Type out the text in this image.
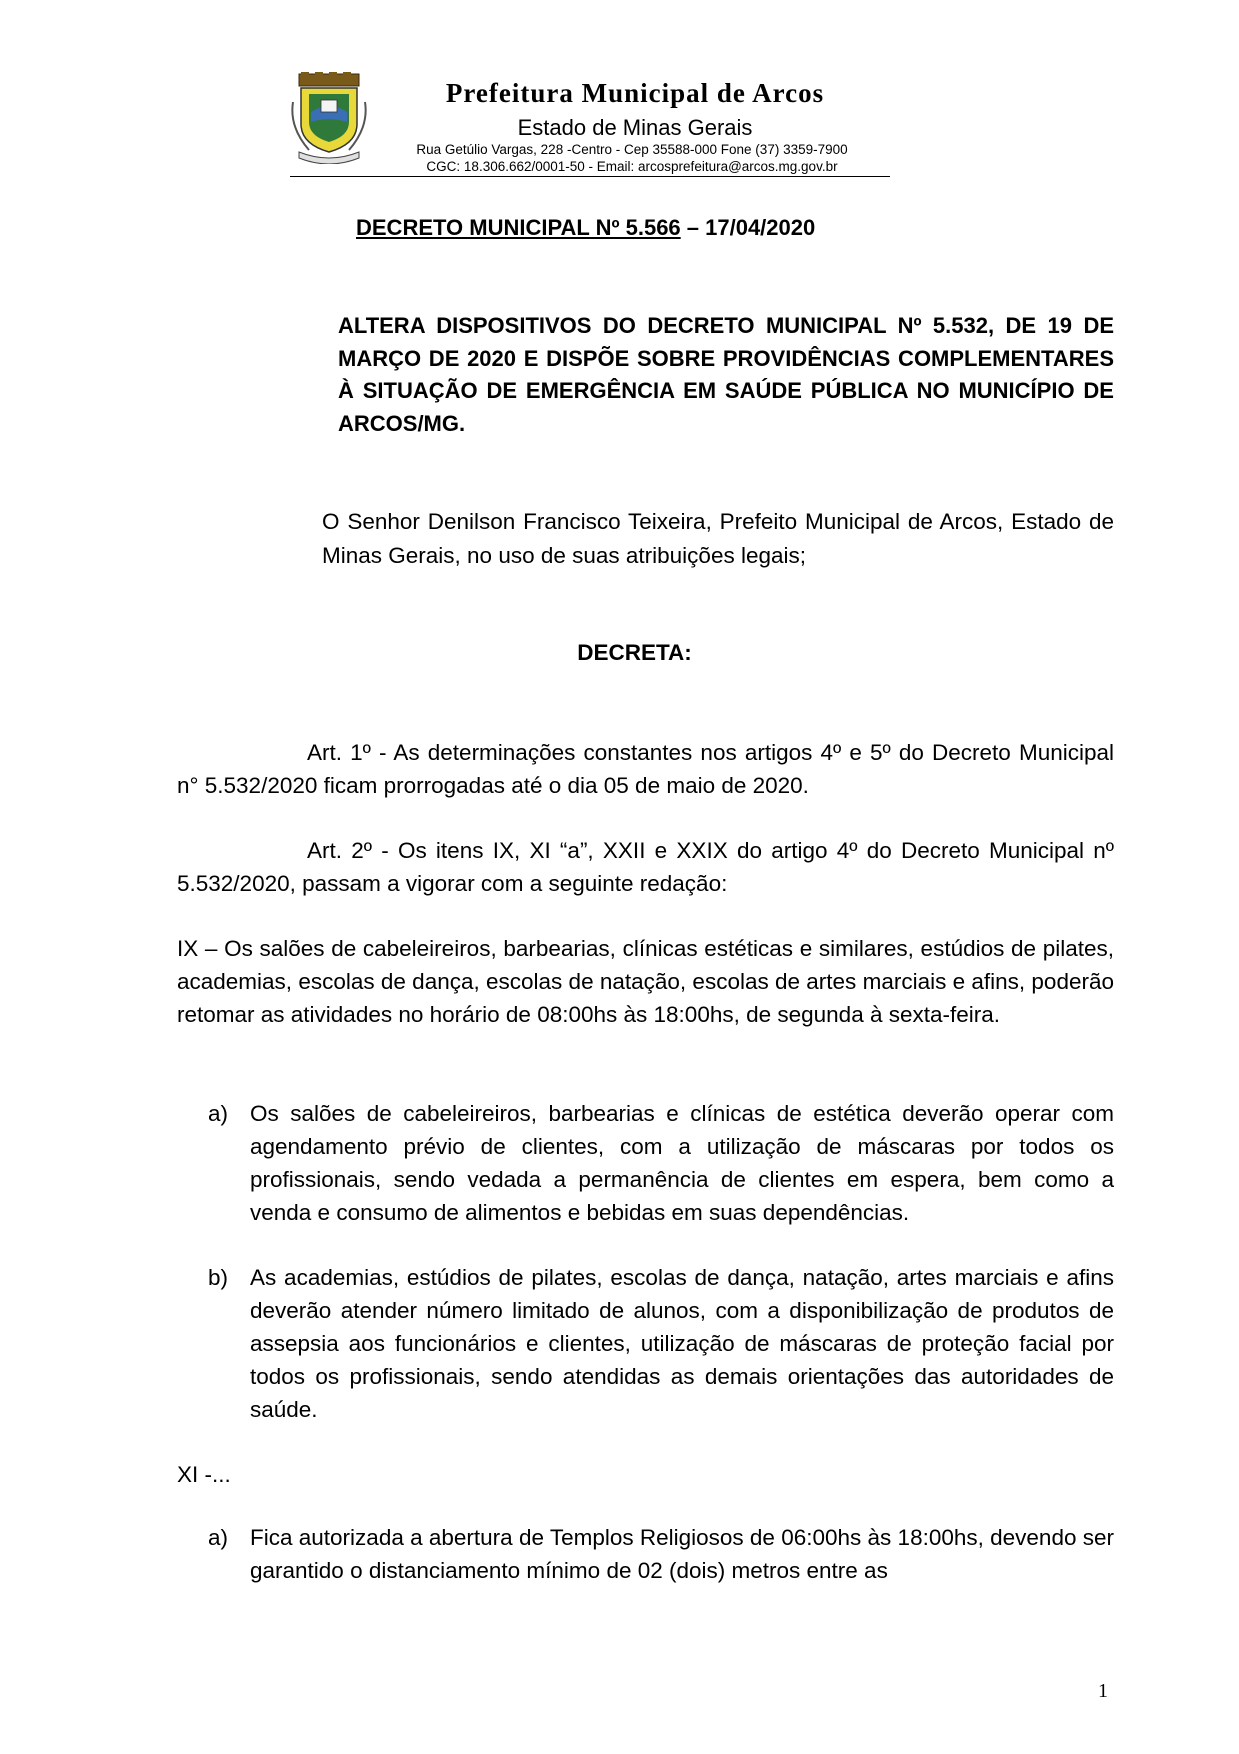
Prefeitura Municipal de Arcos
Estado de Minas Gerais
Rua Getúlio Vargas, 228 -Centro - Cep 35588-000 Fone (37) 3359-7900
CGC: 18.306.662/0001-50 - Email: arcosprefeitura@arcos.mg.gov.br
DECRETO MUNICIPAL Nº 5.566 – 17/04/2020
ALTERA DISPOSITIVOS DO DECRETO MUNICIPAL Nº 5.532, DE 19 DE MARÇO DE 2020 E DISPÕE SOBRE PROVIDÊNCIAS COMPLEMENTARES À SITUAÇÃO DE EMERGÊNCIA EM SAÚDE PÚBLICA NO MUNICÍPIO DE ARCOS/MG.
O Senhor Denilson Francisco Teixeira, Prefeito Municipal de Arcos, Estado de Minas Gerais, no uso de suas atribuições legais;
DECRETA:
Art. 1º - As determinações constantes nos artigos 4º e 5º do Decreto Municipal n° 5.532/2020 ficam prorrogadas até o dia 05 de maio de 2020.
Art. 2º - Os itens IX, XI “a”, XXII e XXIX do artigo 4º do Decreto Municipal nº 5.532/2020, passam a vigorar com a seguinte redação:
IX – Os salões de cabeleireiros, barbearias, clínicas estéticas e similares, estúdios de pilates, academias, escolas de dança, escolas de natação, escolas de artes marciais e afins, poderão retomar as atividades no horário de 08:00hs às 18:00hs, de segunda à sexta-feira.
a) Os salões de cabeleireiros, barbearias e clínicas de estética deverão operar com agendamento prévio de clientes, com a utilização de máscaras por todos os profissionais, sendo vedada a permanência de clientes em espera, bem como a venda e consumo de alimentos e bebidas em suas dependências.
b) As academias, estúdios de pilates, escolas de dança, natação, artes marciais e afins deverão atender número limitado de alunos, com a disponibilização de produtos de assepsia aos funcionários e clientes, utilização de máscaras de proteção facial por todos os profissionais, sendo atendidas as demais orientações das autoridades de saúde.
XI -...
a) Fica autorizada a abertura de Templos Religiosos de 06:00hs às 18:00hs, devendo ser garantido o distanciamento mínimo de 02 (dois) metros entre as
1
